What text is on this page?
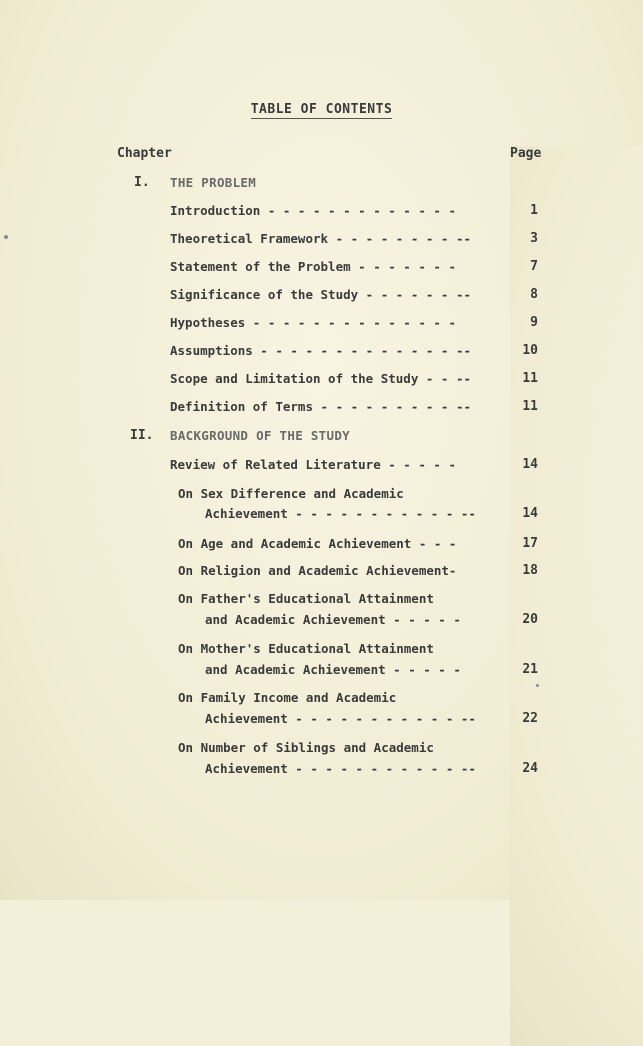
TABLE OF CONTENTS
Chapter	Page
I. THE PROBLEM
Introduction - - - - - - - - - - - - -	1
Theoretical Framework - - - - - - - - --	3
Statement of the Problem - - - - - - -	7
Significance of the Study - - - - - - --	8
Hypotheses - - - - - - - - - - - - - -	9
Assumptions - - - - - - - - - - - - - --	10
Scope and Limitation of the Study - - --	11
Definition of Terms - - - - - - - - - --	11
II. BACKGROUND OF THE STUDY
Review of Related Literature - - - - -	14
On Sex Difference and Academic
Achievement - - - - - - - - - - - --	14
On Age and Academic Achievement - - -	17
On Religion and Academic Achievement-	18
On Father's Educational Attainment
and Academic Achievement - - - - -	20
On Mother's Educational Attainment
and Academic Achievement - - - - -	21
On Family Income and Academic
Achievement - - - - - - - - - - - --	22
On Number of Siblings and Academic
Achievement - - - - - - - - - - - --	24
